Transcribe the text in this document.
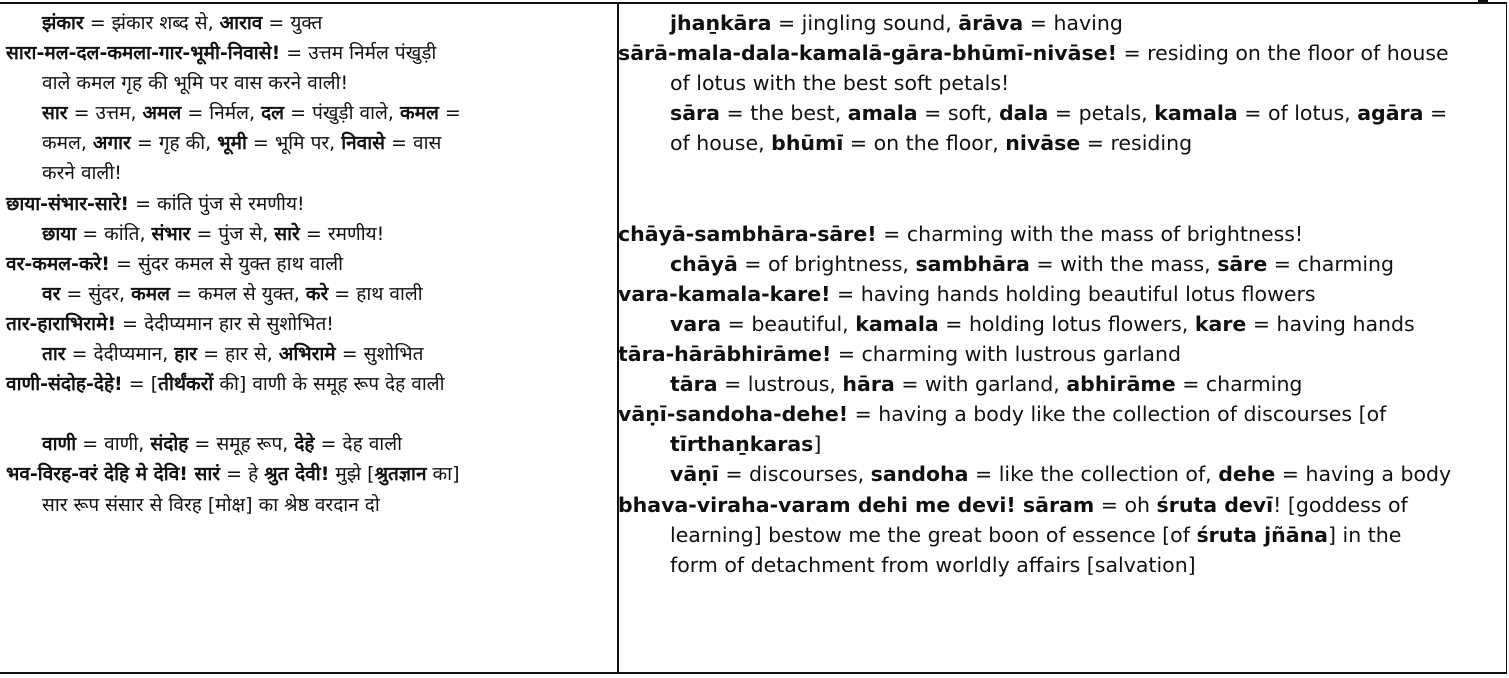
झंकार = झंकार शब्द से, आराव = युक्त
सारा-मल-दल-कमला-गार-भूमी-निवासे! = उत्तम निर्मल पंखुड़ी
वाले कमल गृह की भूमि पर वास करने वाली!
सार = उत्तम, अमल = निर्मल, दल = पंखुड़ी वाले, कमल =
कमल, अगार = गृह की, भूमी = भूमि पर, निवासे = वास
करने वाली!
छाया-संभार-सारे! = कांति पुंज से रमणीय!
छाया = कांति, संभार = पुंज से, सारे = रमणीय!
वर-कमल-करे! = सुंदर कमल से युक्त हाथ वाली
वर = सुंदर, कमल = कमल से युक्त, करे = हाथ वाली
तार-हाराभिरामे! = देदीप्यमान हार से सुशोभित!
तार = देदीप्यमान, हार = हार से, अभिरामे = सुशोभित
वाणी-संदोह-देहे! = [तीर्थंकरों की] वाणी के समूह रूप देह वाली
वाणी = वाणी, संदोह = समूह रूप, देहे = देह वाली
भव-विरह-वरं देहि मे देवि! सारं = हे श्रुत देवी! मुझे [श्रुतज्ञान का]
सार रूप संसार से विरह [मोक्ष] का श्रेष्ठ वरदान दो
jhaṉkāra = jingling sound, ārāva = having
sārā-mala-dala-kamalā-gāra-bhūmī-nivāse! = residing on the floor of house
of lotus with the best soft petals!
sāra = the best, amala = soft, dala = petals, kamala = of lotus, agāra =
of house, bhūmī = on the floor, nivāse = residing
chāyā-sambhāra-sāre! = charming with the mass of brightness!
chāyā = of brightness, sambhāra = with the mass, sāre = charming
vara-kamala-kare! = having hands holding beautiful lotus flowers
vara = beautiful, kamala = holding lotus flowers, kare = having hands
tāra-hārābhirāme! = charming with lustrous garland
tāra = lustrous, hāra = with garland, abhirāme = charming
vāṇī-sandoha-dehe! = having a body like the collection of discourses [of
tīrthaṉkaras]
vāṇī = discourses, sandoha = like the collection of, dehe = having a body
bhava-viraha-varam dehi me devi! sāram = oh śruta devī! [goddess of
learning] bestow me the great boon of essence [of śruta jñāna] in the
form of detachment from worldly affairs [salvation]
